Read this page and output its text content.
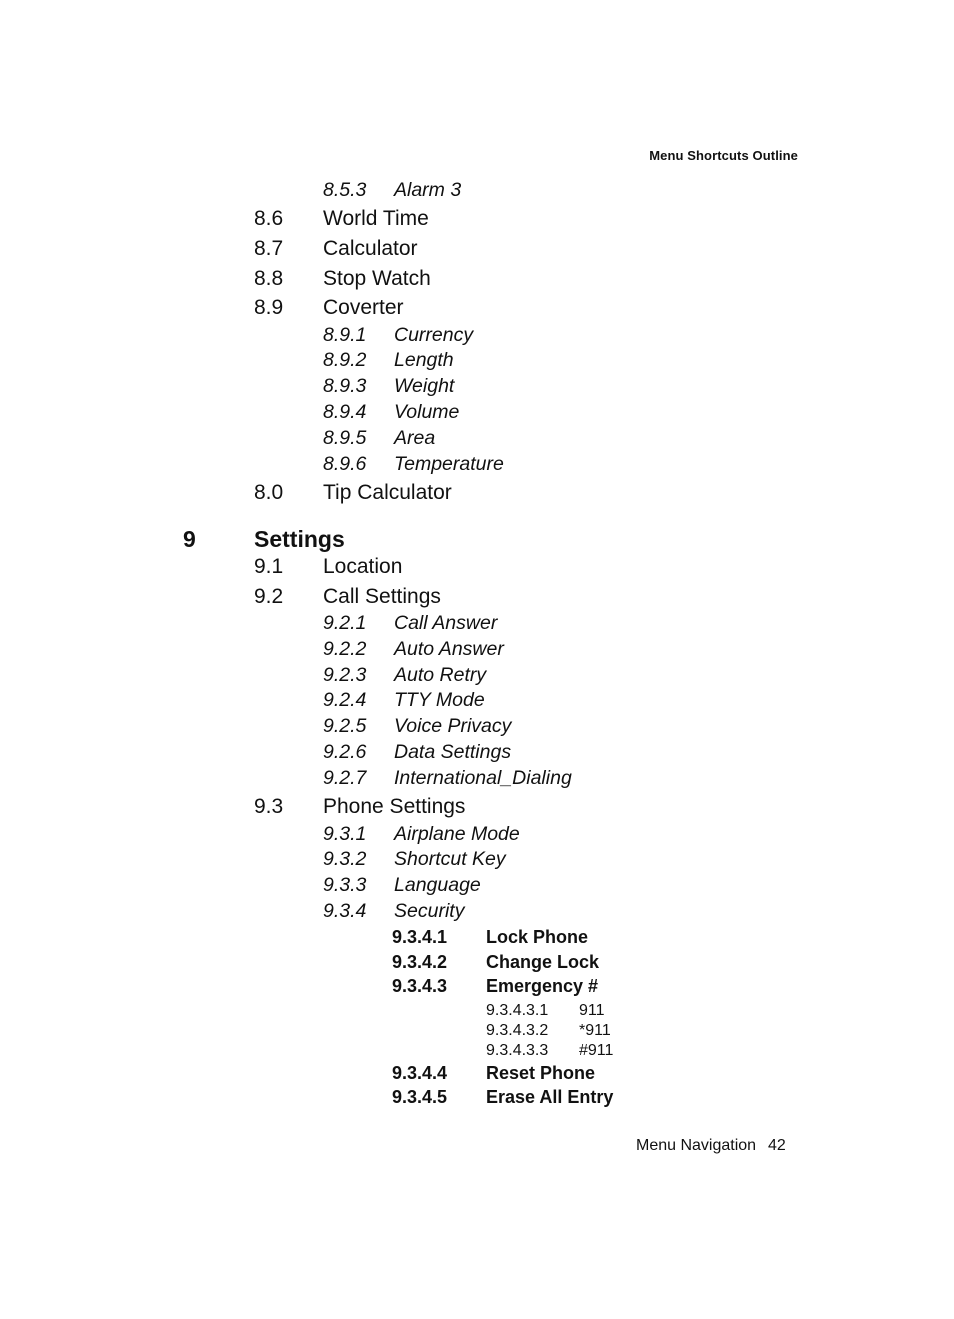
Menu Shortcuts Outline
8.5.3 Alarm 3
8.6 World Time
8.7 Calculator
8.8 Stop Watch
8.9 Coverter
8.9.1 Currency
8.9.2 Length
8.9.3 Weight
8.9.4 Volume
8.9.5 Area
8.9.6 Temperature
8.0 Tip Calculator
9	Settings
9.1 Location
9.2 Call Settings
9.2.1 Call Answer
9.2.2 Auto Answer
9.2.3 Auto Retry
9.2.4 TTY Mode
9.2.5 Voice Privacy
9.2.6 Data Settings
9.2.7 International_Dialing
9.3 Phone Settings
9.3.1 Airplane Mode
9.3.2 Shortcut Key
9.3.3 Language
9.3.4 Security
9.3.4.1 Lock Phone
9.3.4.2 Change Lock
9.3.4.3 Emergency #
9.3.4.3.1 911
9.3.4.3.2 *911
9.3.4.3.3 #911
9.3.4.4 Reset Phone
9.3.4.5 Erase All Entry
Menu Navigation 42
